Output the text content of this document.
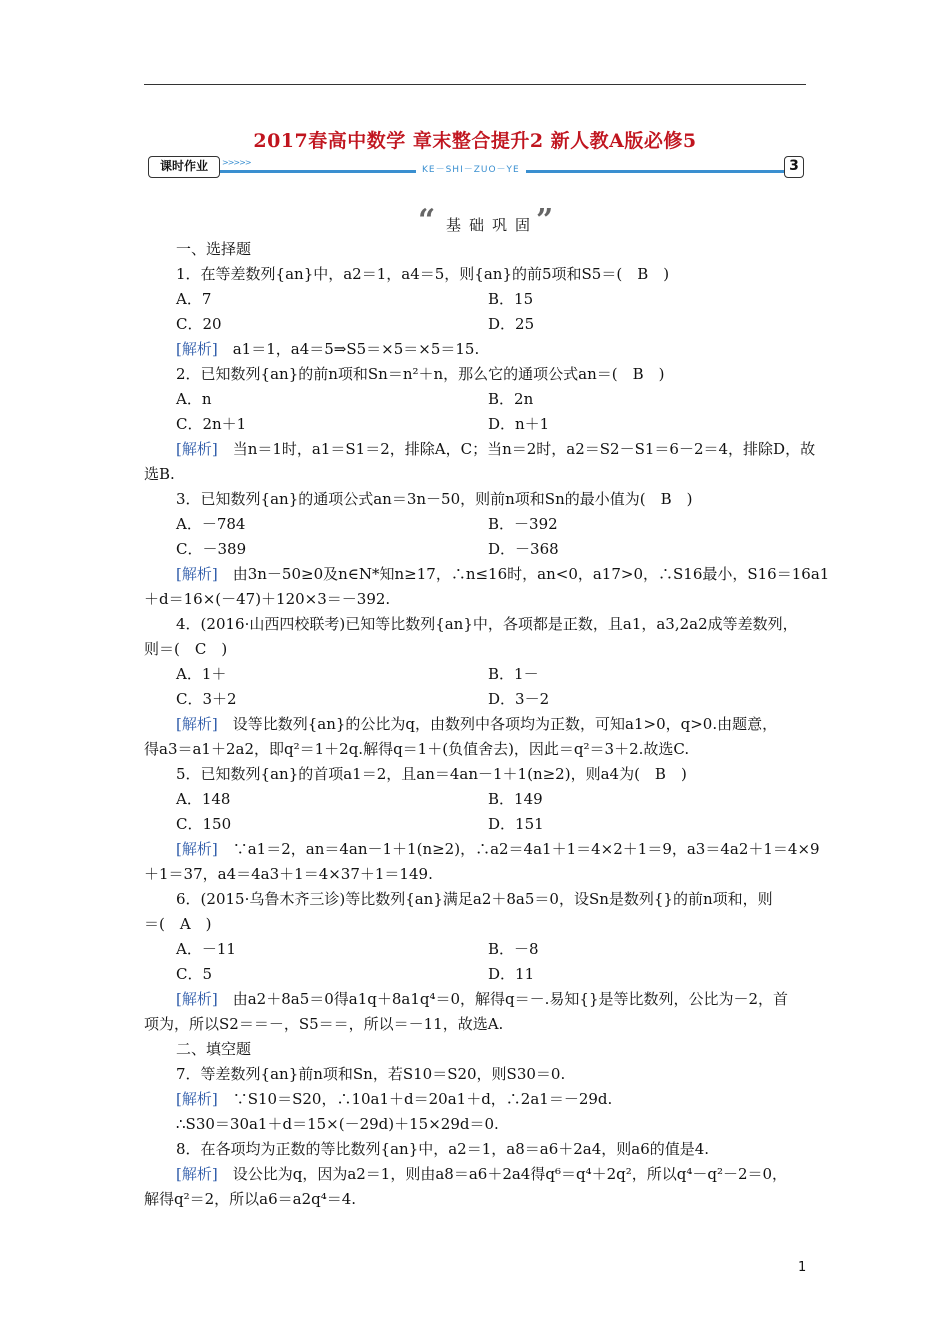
2017春高中数学 章末整合提升2 新人教A版必修5
课时作业	>>>>>
KE－SHI－ZUO－YE	3
“ 基础巩固
”
一、选择题
1．在等差数列{an}中，a2＝1，a4＝5，则{an}的前5项和S5＝(　B　)
A．7	B．15
C．20	D．25
[解析]　a1＝1，a4＝5⇒S5＝×5＝×5＝15.
2．已知数列{an}的前n项和Sn＝n²＋n，那么它的通项公式an＝(　B　)
A．n	B．2n
C．2n＋1	D．n＋1
[解析]　当n＝1时，a1＝S1＝2，排除A，C；当n＝2时，a2＝S2－S1＝6－2＝4，排除D，故
选B.
3．已知数列{an}的通项公式an＝3n－50，则前n项和Sn的最小值为(　B　)
A．－784	B．－392
C．－389	D．－368
[解析]　由3n－50≥0及n∈N*知n≥17，∴n≤16时，an<0，a17>0，∴S16最小，S16＝16a1
＋d＝16×(－47)＋120×3＝－392.
4．(2016·山西四校联考)已知等比数列{an}中，各项都是正数，且a1，a3,2a2成等差数列，
则＝(　C　)
A．1＋	B．1－
C．3＋2	D．3－2
[解析]　设等比数列{an}的公比为q，由数列中各项均为正数，可知a1>0，q>0.由题意，
得a3＝a1＋2a2，即q²＝1＋2q.解得q＝1＋(负值舍去)，因此＝q²＝3＋2.故选C.
5．已知数列{an}的首项a1＝2，且an＝4an－1＋1(n≥2)，则a4为(　B　)
A．148	B．149
C．150	D．151
[解析]　∵a1＝2，an＝4an－1＋1(n≥2)，∴a2＝4a1＋1＝4×2＋1＝9，a3＝4a2＋1＝4×9
＋1＝37，a4＝4a3＋1＝4×37＋1＝149.
6．(2015·乌鲁木齐三诊)等比数列{an}满足a2＋8a5＝0，设Sn是数列{}的前n项和，则
＝(　A　)
A．－11	B．－8
C．5	D．11
[解析]　由a2＋8a5＝0得a1q＋8a1q⁴＝0，解得q＝－.易知{}是等比数列，公比为－2，首
项为，所以S2＝＝－，S5＝＝，所以＝－11，故选A.
二、填空题
7．等差数列{an}前n项和Sn，若S10＝S20，则S30＝0.
[解析]　∵S10＝S20，∴10a1＋d＝20a1＋d，∴2a1＝－29d.
∴S30＝30a1＋d＝15×(－29d)＋15×29d＝0.
8．在各项均为正数的等比数列{an}中，a2＝1，a8＝a6＋2a4，则a6的值是4.
[解析]　设公比为q，因为a2＝1，则由a8＝a6＋2a4得q⁶＝q⁴＋2q²，所以q⁴－q²－2＝0，
解得q²＝2，所以a6＝a2q⁴＝4.
1
